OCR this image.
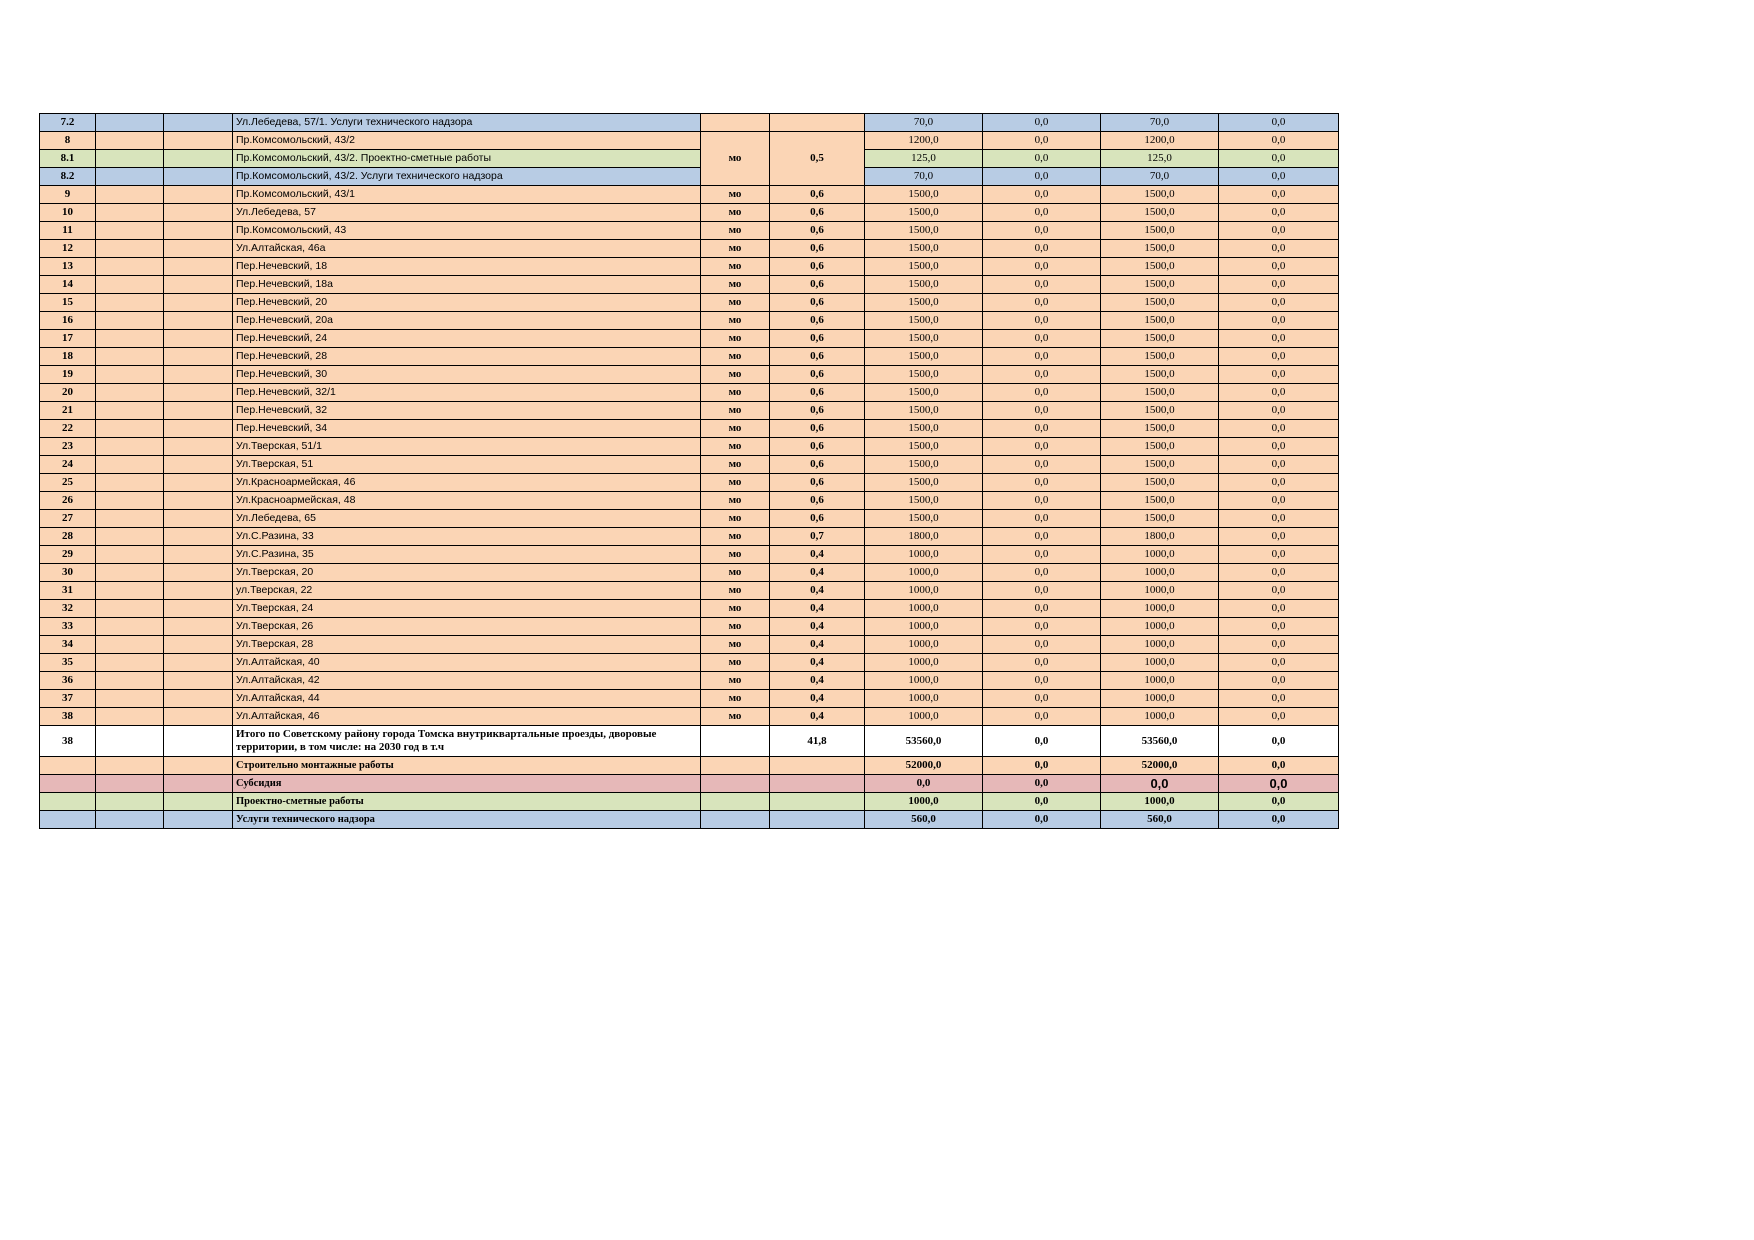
7.2			Ул.Лебедева, 57/1. Услуги технического надзора			70,0	0,0	70,0	0,0
8			Пр.Комсомольский, 43/2	мо	0,5	1200,0	0,0	1200,0	0,0
8.1			Пр.Комсомольский, 43/2. Проектно-сметные работы			125,0	0,0	125,0	0,0
8.2			Пр.Комсомольский, 43/2. Услуги технического надзора			70,0	0,0	70,0	0,0
9			Пр.Комсомольский, 43/1	мо	0,6	1500,0	0,0	1500,0	0,0
10			Ул.Лебедева, 57	мо	0,6	1500,0	0,0	1500,0	0,0
11			Пр.Комсомольский, 43	мо	0,6	1500,0	0,0	1500,0	0,0
12			Ул.Алтайская, 46а	мо	0,6	1500,0	0,0	1500,0	0,0
13			Пер.Нечевский, 18	мо	0,6	1500,0	0,0	1500,0	0,0
14			Пер.Нечевский, 18а	мо	0,6	1500,0	0,0	1500,0	0,0
15			Пер.Нечевский, 20	мо	0,6	1500,0	0,0	1500,0	0,0
16			Пер.Нечевский, 20а	мо	0,6	1500,0	0,0	1500,0	0,0
17			Пер.Нечевский, 24	мо	0,6	1500,0	0,0	1500,0	0,0
18			Пер.Нечевский, 28	мо	0,6	1500,0	0,0	1500,0	0,0
19			Пер.Нечевский, 30	мо	0,6	1500,0	0,0	1500,0	0,0
20			Пер.Нечевский, 32/1	мо	0,6	1500,0	0,0	1500,0	0,0
21			Пер.Нечевский, 32	мо	0,6	1500,0	0,0	1500,0	0,0
22			Пер.Нечевский, 34	мо	0,6	1500,0	0,0	1500,0	0,0
23			Ул.Тверская, 51/1	мо	0,6	1500,0	0,0	1500,0	0,0
24			Ул.Тверская, 51	мо	0,6	1500,0	0,0	1500,0	0,0
25			Ул.Красноармейская, 46	мо	0,6	1500,0	0,0	1500,0	0,0
26			Ул.Красноармейская, 48	мо	0,6	1500,0	0,0	1500,0	0,0
27			Ул.Лебедева, 65	мо	0,6	1500,0	0,0	1500,0	0,0
28			Ул.С.Разина, 33	мо	0,7	1800,0	0,0	1800,0	0,0
29			Ул.С.Разина, 35	мо	0,4	1000,0	0,0	1000,0	0,0
30			Ул.Тверская, 20	мо	0,4	1000,0	0,0	1000,0	0,0
31			ул.Тверская, 22	мо	0,4	1000,0	0,0	1000,0	0,0
32			Ул.Тверская, 24	мо	0,4	1000,0	0,0	1000,0	0,0
33			Ул.Тверская, 26	мо	0,4	1000,0	0,0	1000,0	0,0
34			Ул.Тверская, 28	мо	0,4	1000,0	0,0	1000,0	0,0
35			Ул.Алтайская, 40	мо	0,4	1000,0	0,0	1000,0	0,0
36			Ул.Алтайская, 42	мо	0,4	1000,0	0,0	1000,0	0,0
37			Ул.Алтайская, 44	мо	0,4	1000,0	0,0	1000,0	0,0
38			Ул.Алтайская, 46	мо	0,4	1000,0	0,0	1000,0	0,0
38			Итого по Советскому району города Томска внутриквартальные проезды, дворовые территории, в том числе: на 2030 год в т.ч		41,8	53560,0	0,0	53560,0	0,0
			Строительно монтажные работы			52000,0	0,0	52000,0	0,0
			Субсидия			0,0	0,0	0,0	0,0
			Проектно-сметные работы			1000,0	0,0	1000,0	0,0
			Услуги технического надзора			560,0	0,0	560,0	0,0
